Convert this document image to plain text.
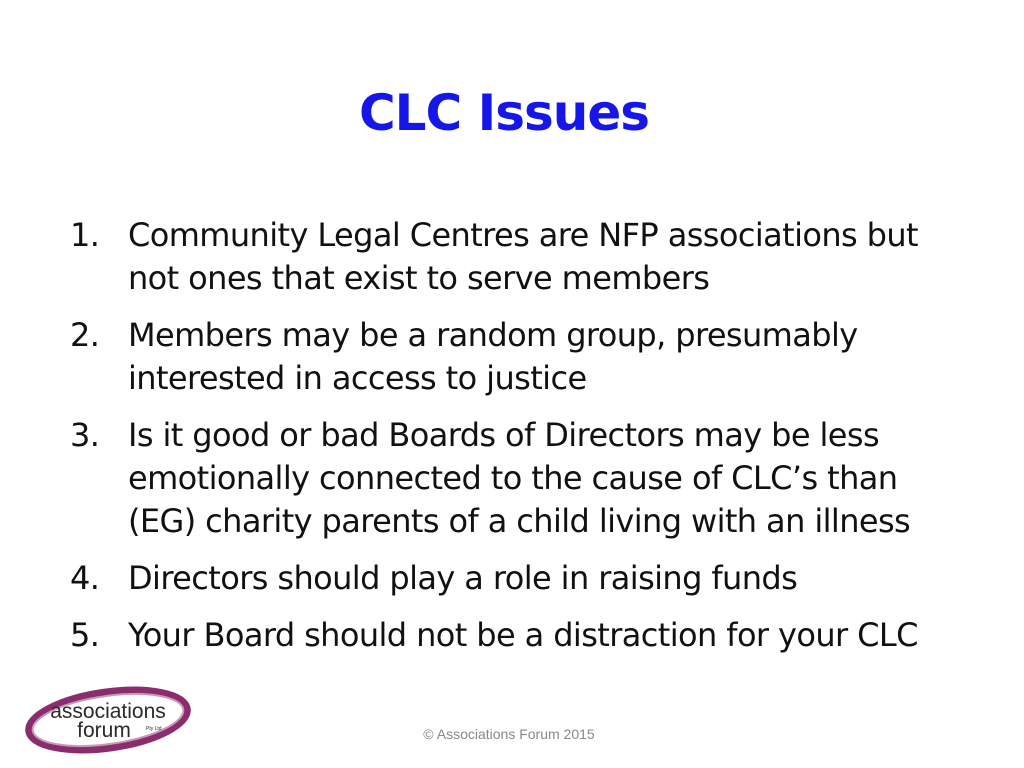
CLC Issues
1. Community Legal Centres are NFP associations but not ones that exist to serve members
2. Members may be a random group, presumably interested in access to justice
3. Is it good or bad Boards of Directors may be less emotionally connected to the cause of CLC’s than (EG) charity parents of a child living with an illness
4. Directors should play a role in raising funds
5. Your Board should not be a distraction for your CLC
associations
forum	Pty Ltd	© Associations Forum 2015
